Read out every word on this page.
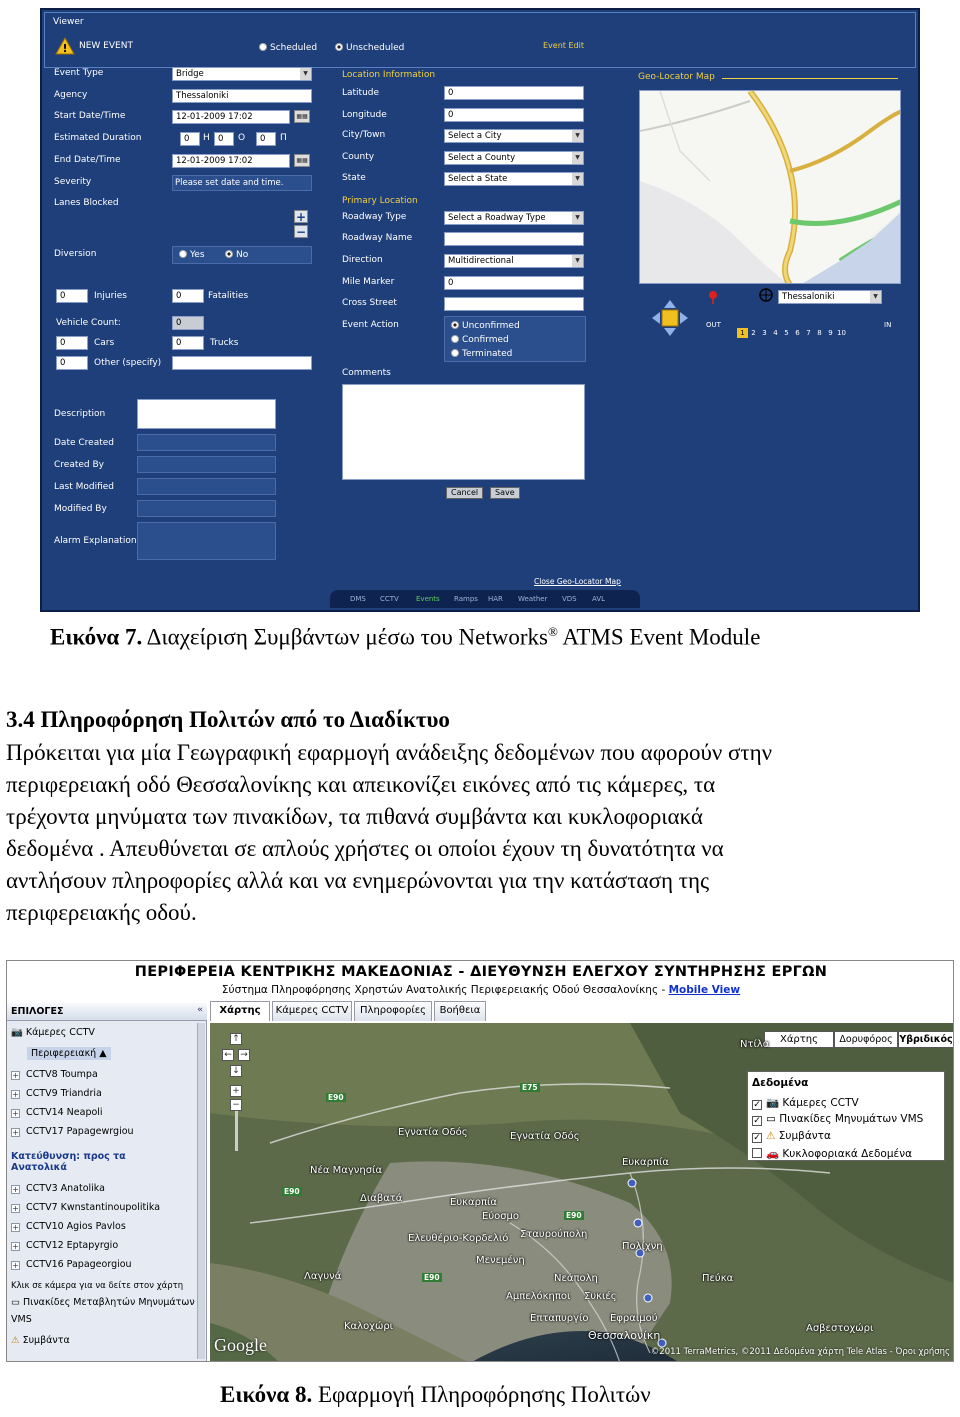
Viewer
! NEW EVENT	Scheduled	Unscheduled	Event Edit
Event Type	Bridge ▼
Agency	Thessaloniki
Start Date/Time	12-01-2009 17:02	▦▦
Estimated Duration	0	H 0	O	0	Π
End Date/Time	12-01-2009 17:02	▦▦
Severity	Please set date and time.
Lanes Blocked
+
−
Diversion	Yes	No
0	Injuries	0	Fatalities
Vehicle Count:	0
0	Cars	0	Trucks
0	Other (specify)
Description
Date Created
Created By
Last Modified
Modified By
Alarm Explanation
Location Information
Latitude	0
Longitude	0
City/Town	Select a City ▼
County	Select a County ▼
State	Select a State ▼
Primary Location
Roadway Type	Select a Roadway Type ▼
Roadway Name
Direction	Multidirectional ▼
Mile Marker	0
Cross Street
Event Action	Unconfirmed
Confirmed
Terminated
Comments
Cancel	Save
Geo-Locator Map
Thessaloniki ▼
OUT
1 2 3 4 5 6 7 8 9 10
IN
Close Geo-Locator Map
DMS CCTV Events Ramps HAR Weather VDS AVL
Εικόνα 7. Διαχείριση Συμβάντων μέσω του Networks® ATMS Event Module
3.4 Πληροφόρηση Πολιτών από το Διαδίκτυο
Πρόκειται για μία Γεωγραφική εφαρμογή ανάδειξης δεδομένων που αφορούν στην
περιφερειακή οδό Θεσσαλονίκης και απεικονίζει εικόνες από τις κάμερες, τα
τρέχοντα μηνύματα των πινακίδων, τα πιθανά συμβάντα και κυκλοφοριακά
δεδομένα . Απευθύνεται σε απλούς χρήστες οι οποίοι έχουν τη δυνατότητα να
αντλήσουν πληροφορίες αλλά και να ενημερώνονται για την κατάσταση της
περιφερειακής οδού.
ΠΕΡΙΦΕΡΕΙΑ ΚΕΝΤΡΙΚΗΣ ΜΑΚΕΔΟΝΙΑΣ - ΔΙΕΥΘΥΝΣΗ ΕΛΕΓΧΟΥ ΣΥΝΤΗΡΗΣΗΣ ΕΡΓΩΝ
Σύστημα Πληροφόρησης Χρηστών Ανατολικής Περιφερειακής Οδού Θεσσαλονίκης - Mobile View
ΕΠΙΛΟΓΕΣ	«
📷 Κάμερες CCTV
Περιφερειακή ▲
+ CCTV8 Toumpa
+ CCTV9 Triandria
+ CCTV14 Neapoli
+ CCTV17 Papagewrgiou
Κατεύθυνση: προς τα Ανατολικά
+ CCTV3 Anatolika
+ CCTV7 Kwnstantinoupolitika
+ CCTV10 Agios Pavlos
+ CCTV12 Eptapyrgio
+ CCTV16 Papageorgiou
Κλικ σε κάμερα για να δείτε στον χάρτη
▭ Πινακίδες Μεταβλητών Μηνυμάτων
VMS
⚠ Συμβάντα
Χάρτης	Κάμερες CCTV	Πληροφορίες	Βοήθεια
↑
← →
↓
+
−
Χάρτης	Δορυφόρος Υβριδικός
Δεδομένα
✓ 📷 Κάμερες CCTV
✓ ▭ Πινακίδες Μηνυμάτων VMS
✓ ⚠ Συμβάντα
🚗 Κυκλοφοριακά Δεδομένα
Εγνατία Οδός	Εγνατία Οδός
Νέα Μαγνησία
Διαβατά
Ευκαρπία
Ευκαρπία
Εύοσμο
Ελευθέριο-Κορδελιό Σταυρούπολη
Πολίχνη
Μενεμένη
Νεάπολη	Πεύκα
Αμπελόκηποι Συκιές
Εφραιμού
Λαγυνά
Επταπυργίο
Καλοχώρι
Θεσσαλονίκη
Ασβεστοχώρι
Ντίλα
E90
E90
E90
E90
E75
Google	©2011 TerraMetrics, ©2011 Δεδομένα χάρτη Tele Atlas - Όροι χρήσης
Εικόνα 8. Εφαρμογή Πληροφόρησης Πολιτών
